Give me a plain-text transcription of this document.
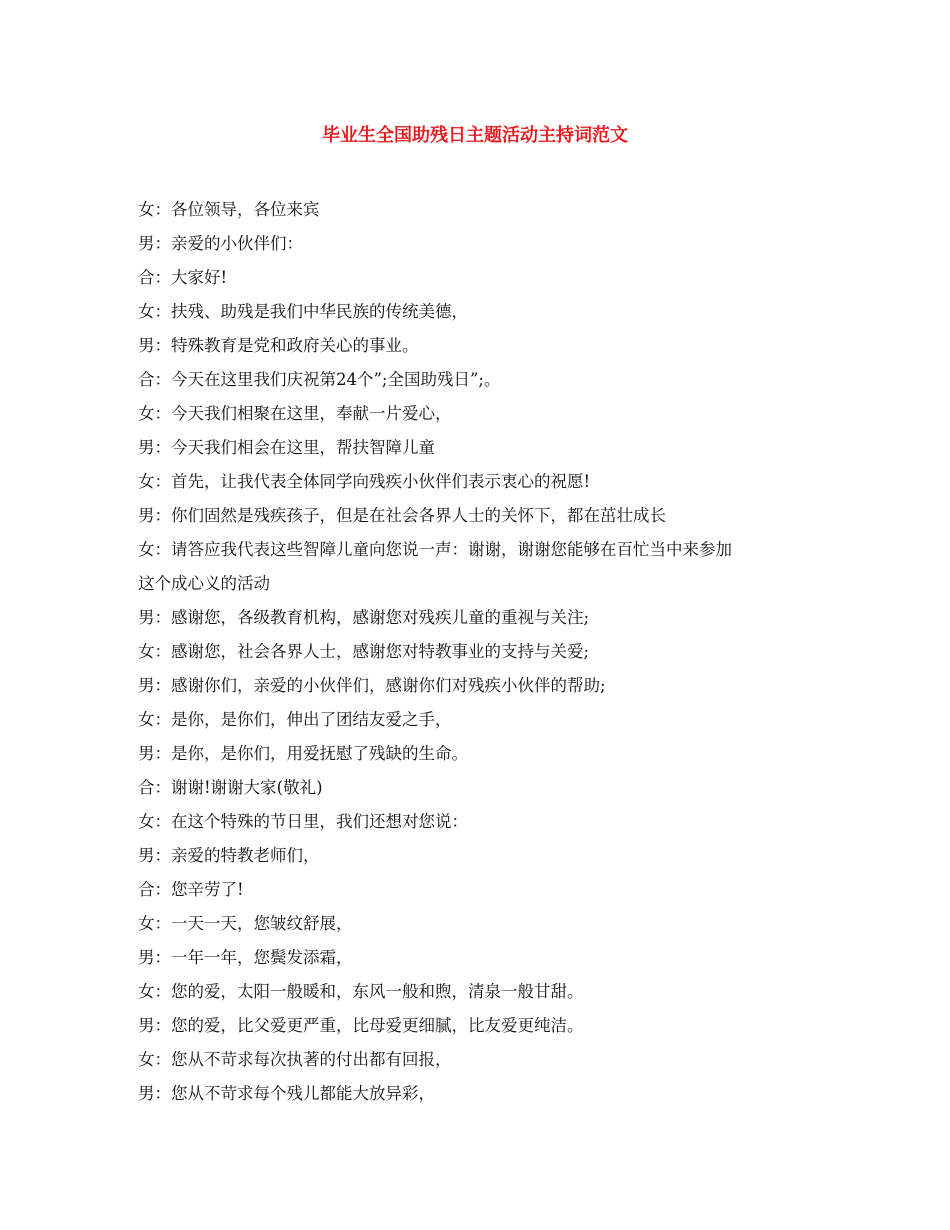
毕业生全国助残日主题活动主持词范文
女：各位领导，各位来宾
男：亲爱的小伙伴们：
合：大家好!
女：扶残、助残是我们中华民族的传统美德，
男：特殊教育是党和政府关心的事业。
合：今天在这里我们庆祝第24个”;全国助残日”;。
女：今天我们相聚在这里，奉献一片爱心，
男：今天我们相会在这里，帮扶智障儿童
女：首先，让我代表全体同学向残疾小伙伴们表示衷心的祝愿!
男：你们固然是残疾孩子，但是在社会各界人士的关怀下，都在茁壮成长
女：请答应我代表这些智障儿童向您说一声：谢谢，谢谢您能够在百忙当中来参加
这个成心义的活动
男：感谢您，各级教育机构，感谢您对残疾儿童的重视与关注;
女：感谢您，社会各界人士，感谢您对特教事业的支持与关爱;
男：感谢你们，亲爱的小伙伴们，感谢你们对残疾小伙伴的帮助;
女：是你，是你们，伸出了团结友爱之手，
男：是你，是你们，用爱抚慰了残缺的生命。
合：谢谢!谢谢大家(敬礼)
女：在这个特殊的节日里，我们还想对您说：
男：亲爱的特教老师们，
合：您辛劳了!
女：一天一天，您皱纹舒展，
男：一年一年，您鬓发添霜，
女：您的爱，太阳一般暖和，东风一般和煦，清泉一般甘甜。
男：您的爱，比父爱更严重，比母爱更细腻，比友爱更纯洁。
女：您从不苛求每次执著的付出都有回报，
男：您从不苛求每个残儿都能大放异彩，
